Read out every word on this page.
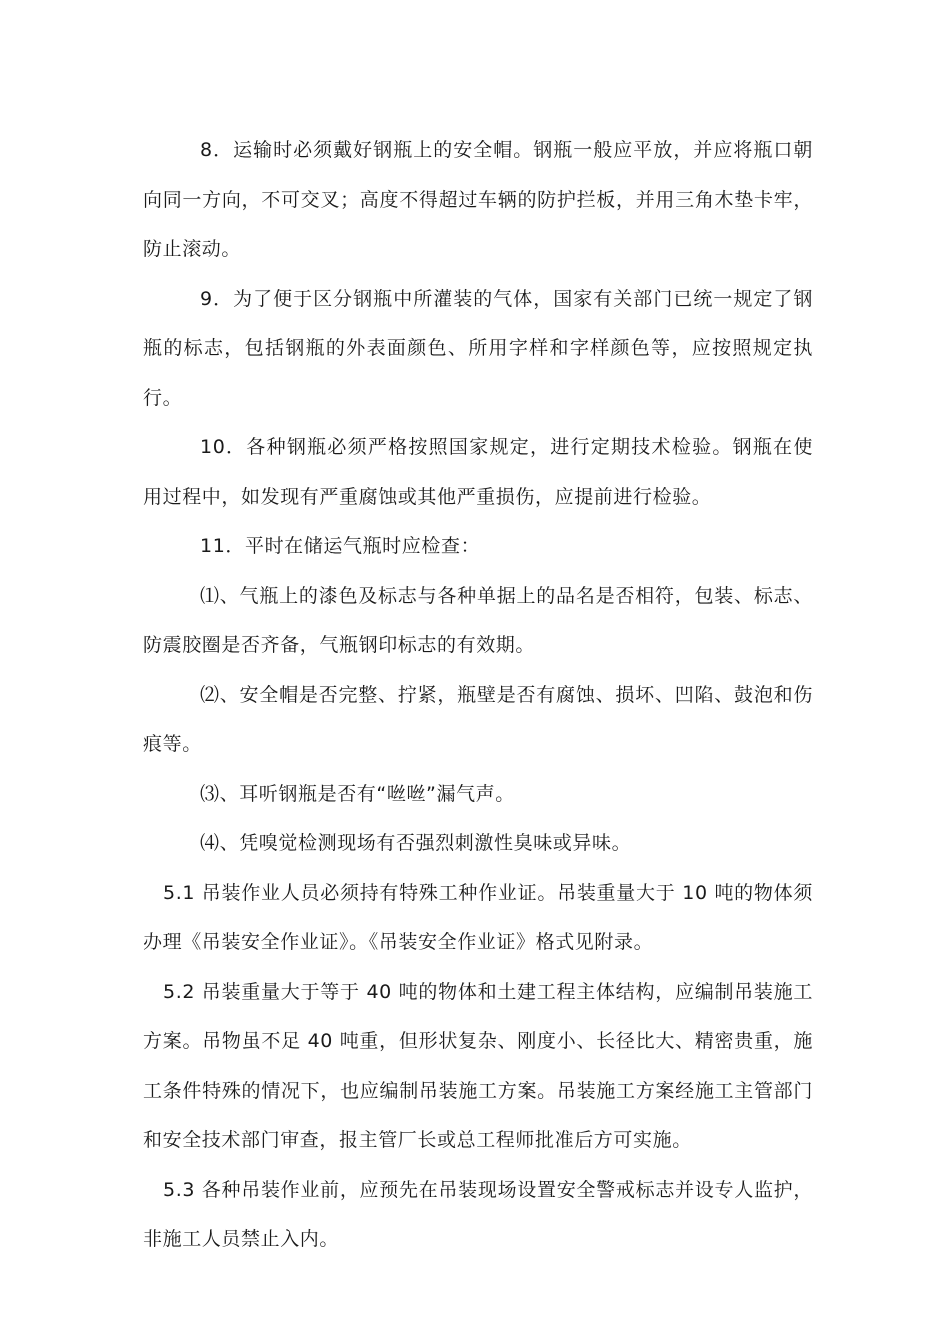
8．运输时必须戴好钢瓶上的安全帽。钢瓶一般应平放，并应将瓶口朝向同一方向，不可交叉；高度不得超过车辆的防护拦板，并用三角木垫卡牢，防止滚动。

9．为了便于区分钢瓶中所灌装的气体，国家有关部门已统一规定了钢瓶的标志，包括钢瓶的外表面颜色、所用字样和字样颜色等，应按照规定执行。

10．各种钢瓶必须严格按照国家规定，进行定期技术检验。钢瓶在使用过程中，如发现有严重腐蚀或其他严重损伤，应提前进行检验。

11．平时在储运气瓶时应检查：

⑴、气瓶上的漆色及标志与各种单据上的品名是否相符，包装、标志、防震胶圈是否齐备，气瓶钢印标志的有效期。

⑵、安全帽是否完整、拧紧，瓶壁是否有腐蚀、损坏、凹陷、鼓泡和伤痕等。

⑶、耳听钢瓶是否有“咝咝”漏气声。

⑷、凭嗅觉检测现场有否强烈刺激性臭味或异味。

5.1 吊装作业人员必须持有特殊工种作业证。吊装重量大于 10 吨的物体须办理《吊装安全作业证》。《吊装安全作业证》格式见附录。

5.2 吊装重量大于等于 40 吨的物体和土建工程主体结构，应编制吊装施工方案。吊物虽不足 40 吨重，但形状复杂、刚度小、长径比大、精密贵重，施工条件特殊的情况下，也应编制吊装施工方案。吊装施工方案经施工主管部门和安全技术部门审查，报主管厂长或总工程师批准后方可实施。

5.3 各种吊装作业前，应预先在吊装现场设置安全警戒标志并设专人监护，非施工人员禁止入内。
